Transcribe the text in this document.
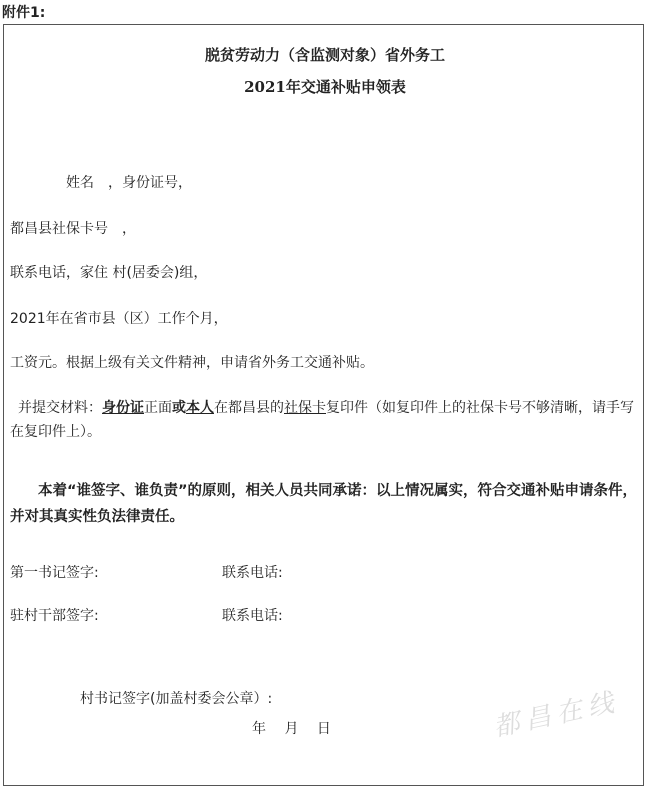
附件1:
脱贫劳动力（含监测对象）省外务工
2021年交通补贴申领表
姓名　，身份证号，
都昌县社保卡号　，
联系电话，家住 村(居委会)组，
2021年在省市县（区）工作个月，
工资元。根据上级有关文件精神，申请省外务工交通补贴。
并提交材料：身份证正面或本人在都昌县的社保卡复印件（如复印件上的社保卡号不够清晰，请手写在复印件上）。
本着“谁签字、谁负责”的原则，相关人员共同承诺：以上情况属实，符合交通补贴申请条件，并对其真实性负法律责任。
第一书记签字:	联系电话:
驻村干部签字:	联系电话:
村书记签字(加盖村委会公章）:
年　 月　 日	都昌在线
